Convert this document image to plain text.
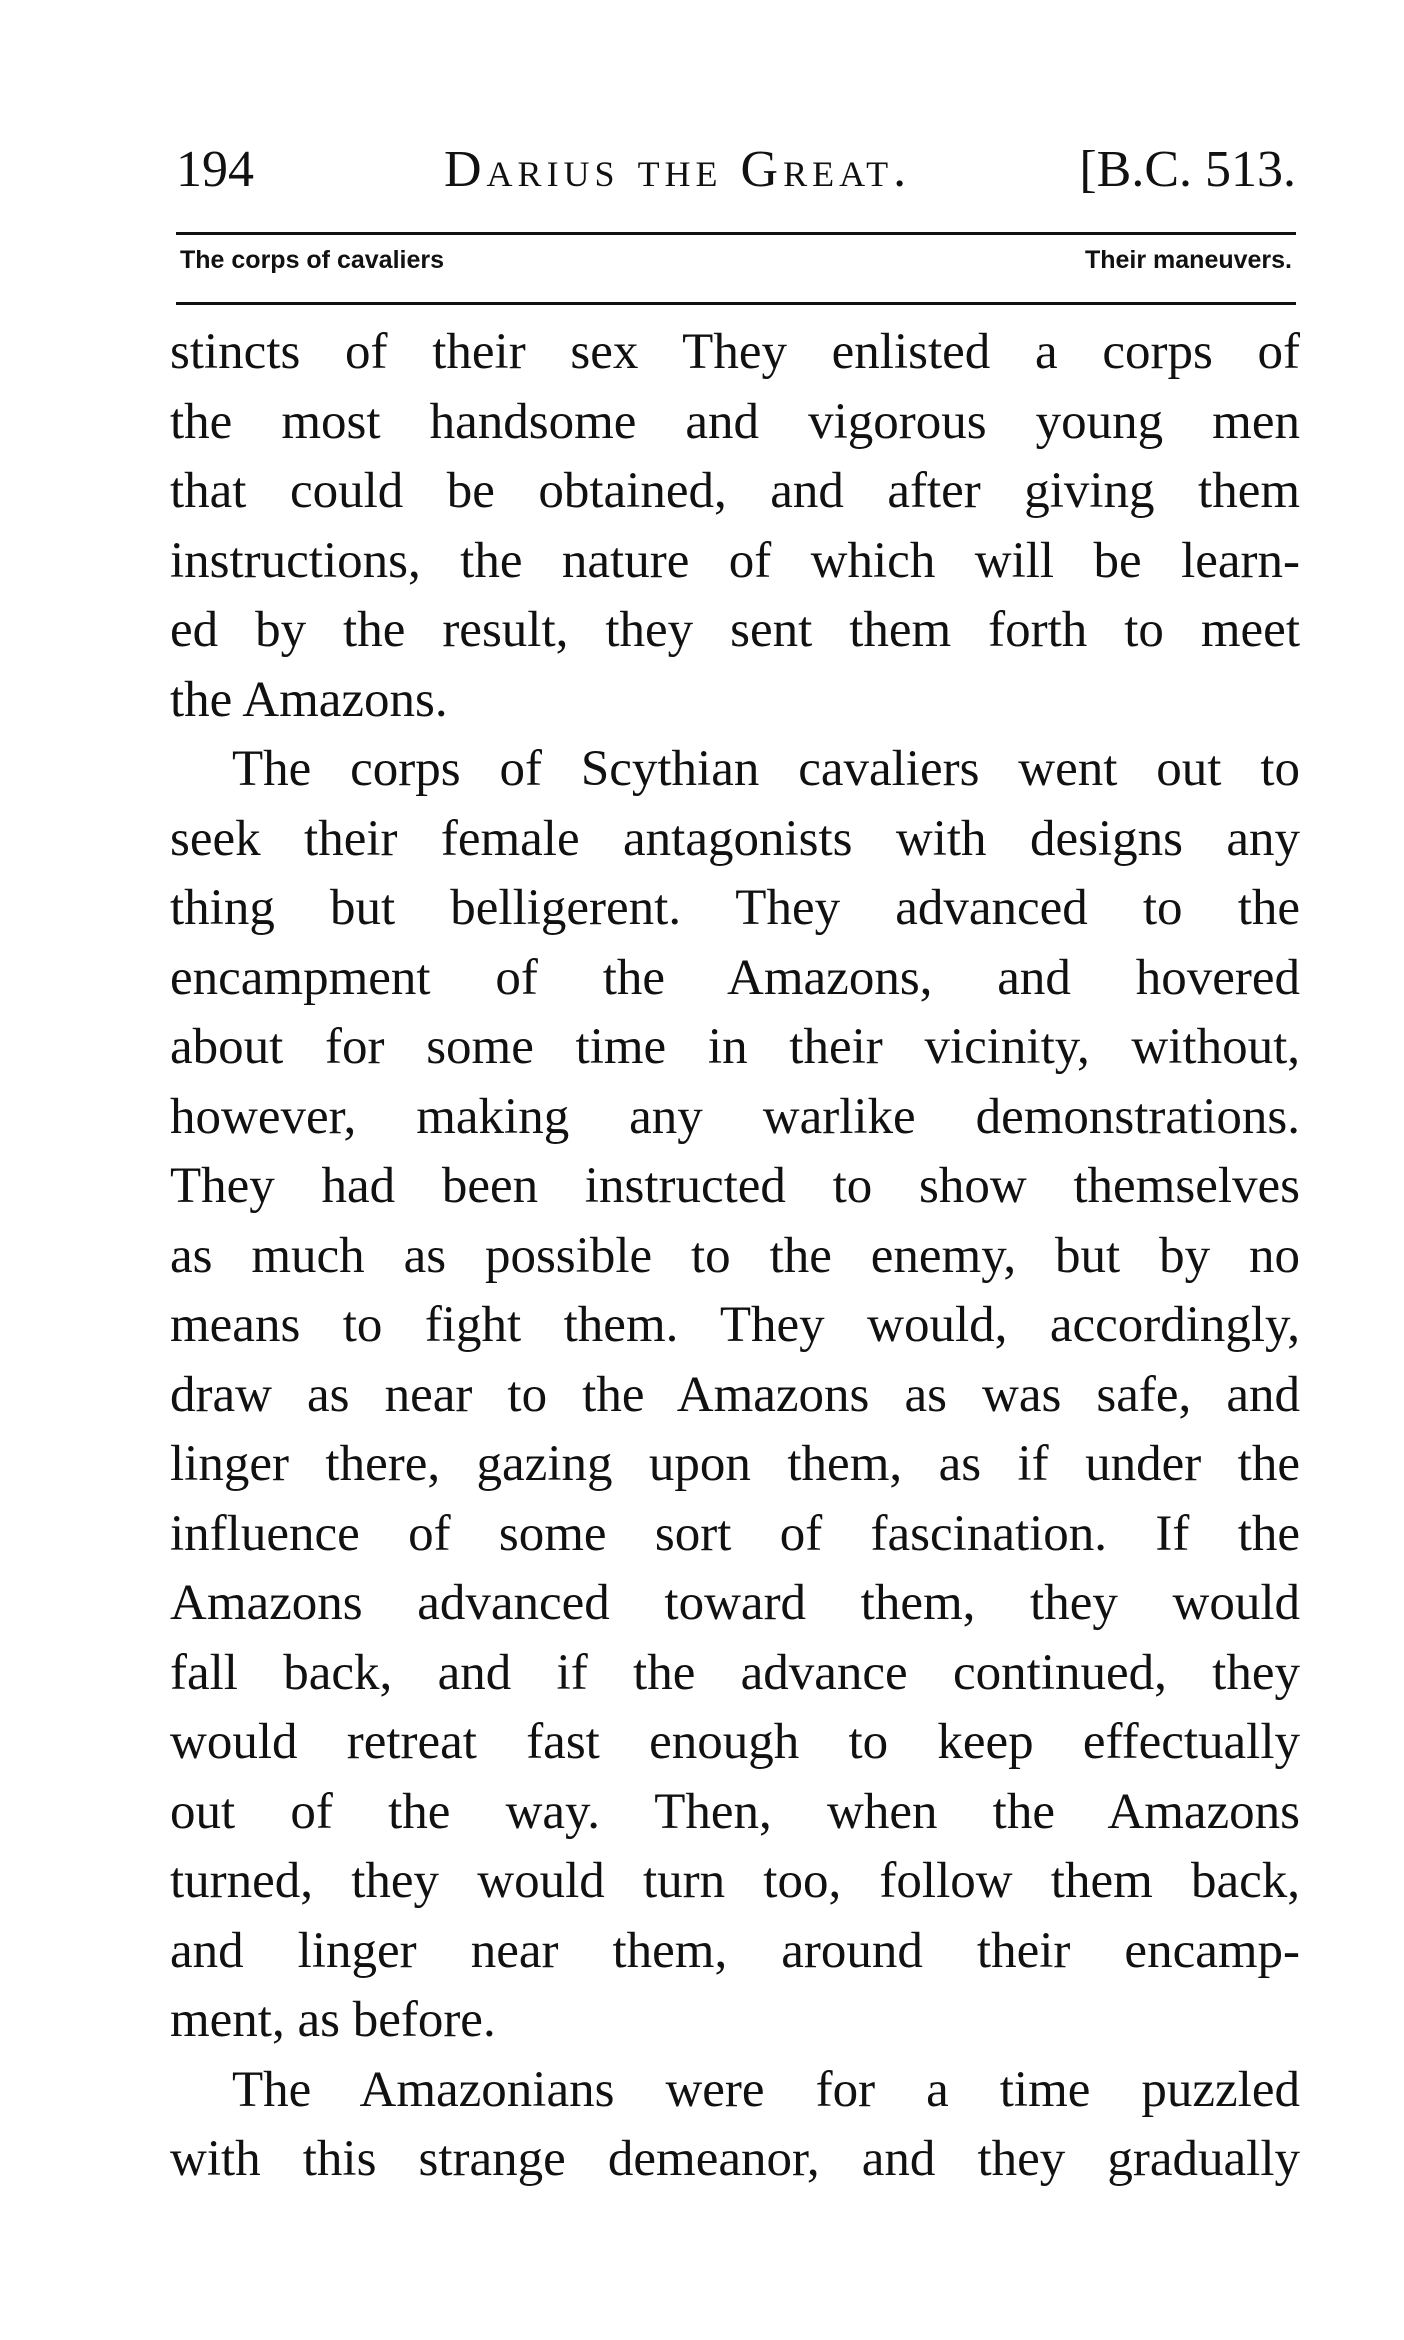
194	Darius the Great.	[B.C. 513.
The corps of cavaliers	Their maneuvers.

stincts of their sex They enlisted a corps of
the most handsome and vigorous young men
that could be obtained, and after giving them
instructions, the nature of which will be learn-
ed by the result, they sent them forth to meet
the Amazons.

The corps of Scythian cavaliers went out to
seek their female antagonists with designs any
thing but belligerent. They advanced to the
encampment of the Amazons, and hovered
about for some time in their vicinity, without,
however, making any warlike demonstrations.
They had been instructed to show themselves
as much as possible to the enemy, but by no
means to fight them. They would, accordingly,
draw as near to the Amazons as was safe, and
linger there, gazing upon them, as if under the
influence of some sort of fascination. If the
Amazons advanced toward them, they would
fall back, and if the advance continued, they
would retreat fast enough to keep effectually
out of the way. Then, when the Amazons
turned, they would turn too, follow them back,
and linger near them, around their encamp-
ment, as before.

The Amazonians were for a time puzzled
with this strange demeanor, and they gradually
